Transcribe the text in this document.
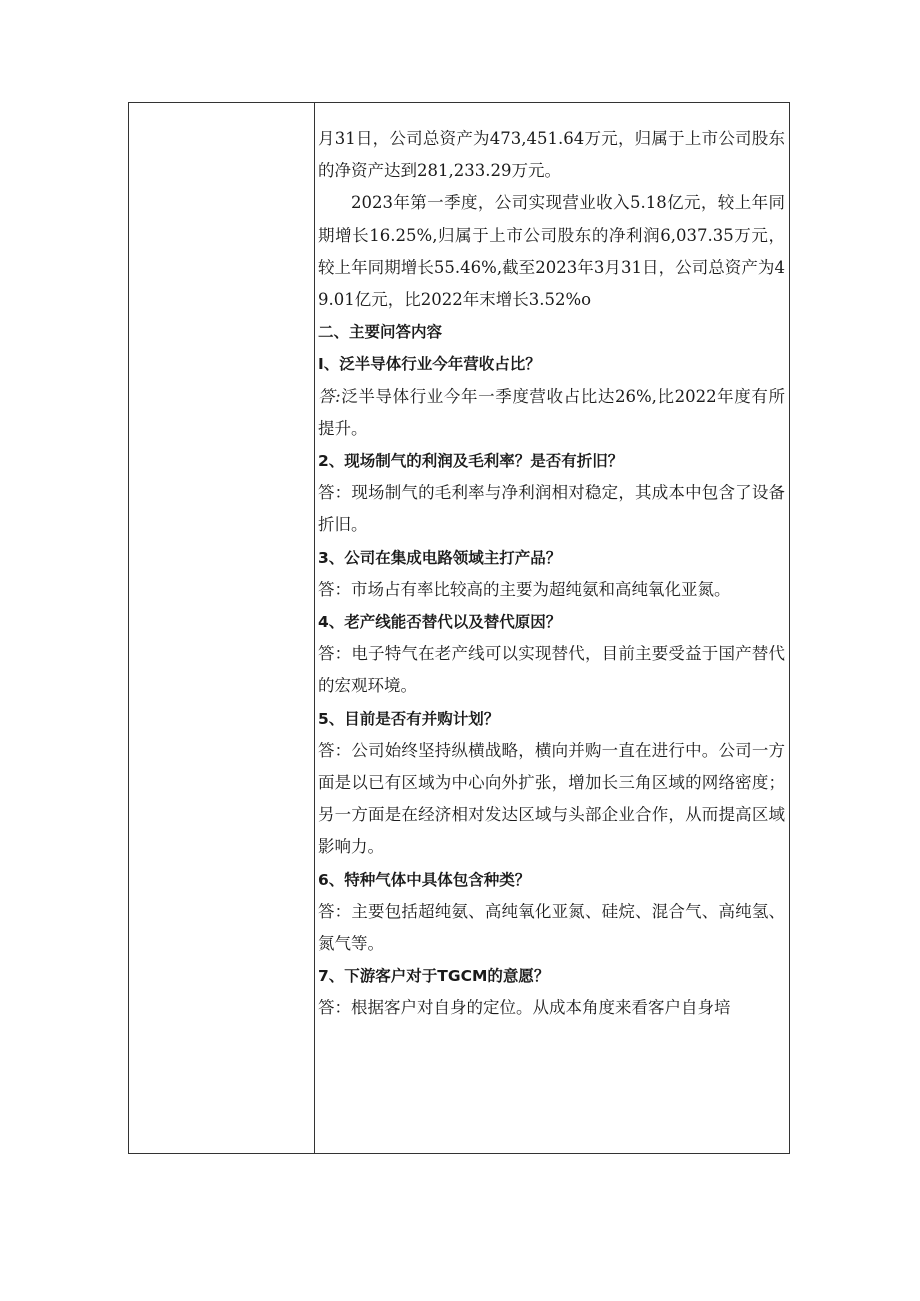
月31日，公司总资产为473,451.64万元，归属于上市公司股东的净资产达到281,233.29万元。

2023年第一季度，公司实现营业收入5.18亿元，较上年同期增长16.25%,归属于上市公司股东的净利润6,037.35万元，较上年同期增长55.46%,截至2023年3月31日，公司总资产为49.01亿元，比2022年末增长3.52%o

二、主要问答内容

I、泛半导体行业今年营收占比？

答:泛半导体行业今年一季度营收占比达26%,比2022年度有所提升。

2、现场制气的利润及毛利率？是否有折旧？

答：现场制气的毛利率与净利润相对稳定，其成本中包含了设备折旧。

3、公司在集成电路领域主打产品？

答：市场占有率比较高的主要为超纯氨和高纯氧化亚氮。

4、老产线能否替代以及替代原因？

答：电子特气在老产线可以实现替代，目前主要受益于国产替代的宏观环境。

5、目前是否有并购计划？

答：公司始终坚持纵横战略，横向并购一直在进行中。公司一方面是以已有区域为中心向外扩张，增加长三角区域的网络密度；另一方面是在经济相对发达区域与头部企业合作，从而提高区域影响力。

6、特种气体中具体包含种类？

答：主要包括超纯氨、高纯氧化亚氮、硅烷、混合气、高纯氢、氮气等。

7、下游客户对于TGCM的意愿？

答：根据客户对自身的定位。从成本角度来看客户自身培
